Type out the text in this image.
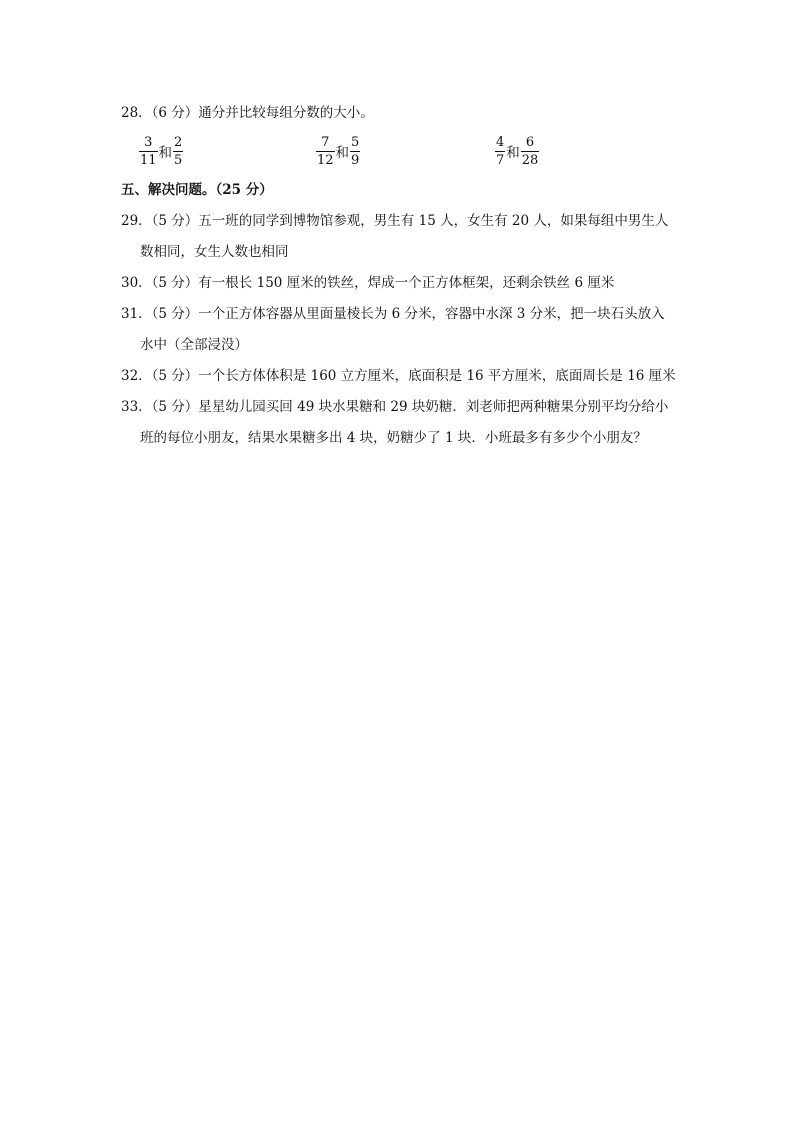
28．（6 分）通分并比较每组分数的大小。
$\frac{3}{11}$ 和 $\frac{2}{5}$	$\frac{7}{12}$ 和 $\frac{5}{9}$	$\frac{4}{7}$ 和 $\frac{6}{28}$
五、解决问题。（25 分）
29．（5 分）五一班的同学到博物馆参观，男生有 15 人，女生有 20 人，如果每组中男生人
数相同，女生人数也相同
30．（5 分）有一根长 150 厘米的铁丝，焊成一个正方体框架，还剩余铁丝 6 厘米
31．（5 分）一个正方体容器从里面量棱长为 6 分米，容器中水深 3 分米，把一块石头放入
水中（全部浸没）
32．（5 分）一个长方体体积是 160 立方厘米，底面积是 16 平方厘米，底面周长是 16 厘米
33．（5 分）星星幼儿园买回 49 块水果糖和 29 块奶糖．刘老师把两种糖果分别平均分给小
班的每位小朋友，结果水果糖多出 4 块，奶糖少了 1 块．小班最多有多少个小朋友？
